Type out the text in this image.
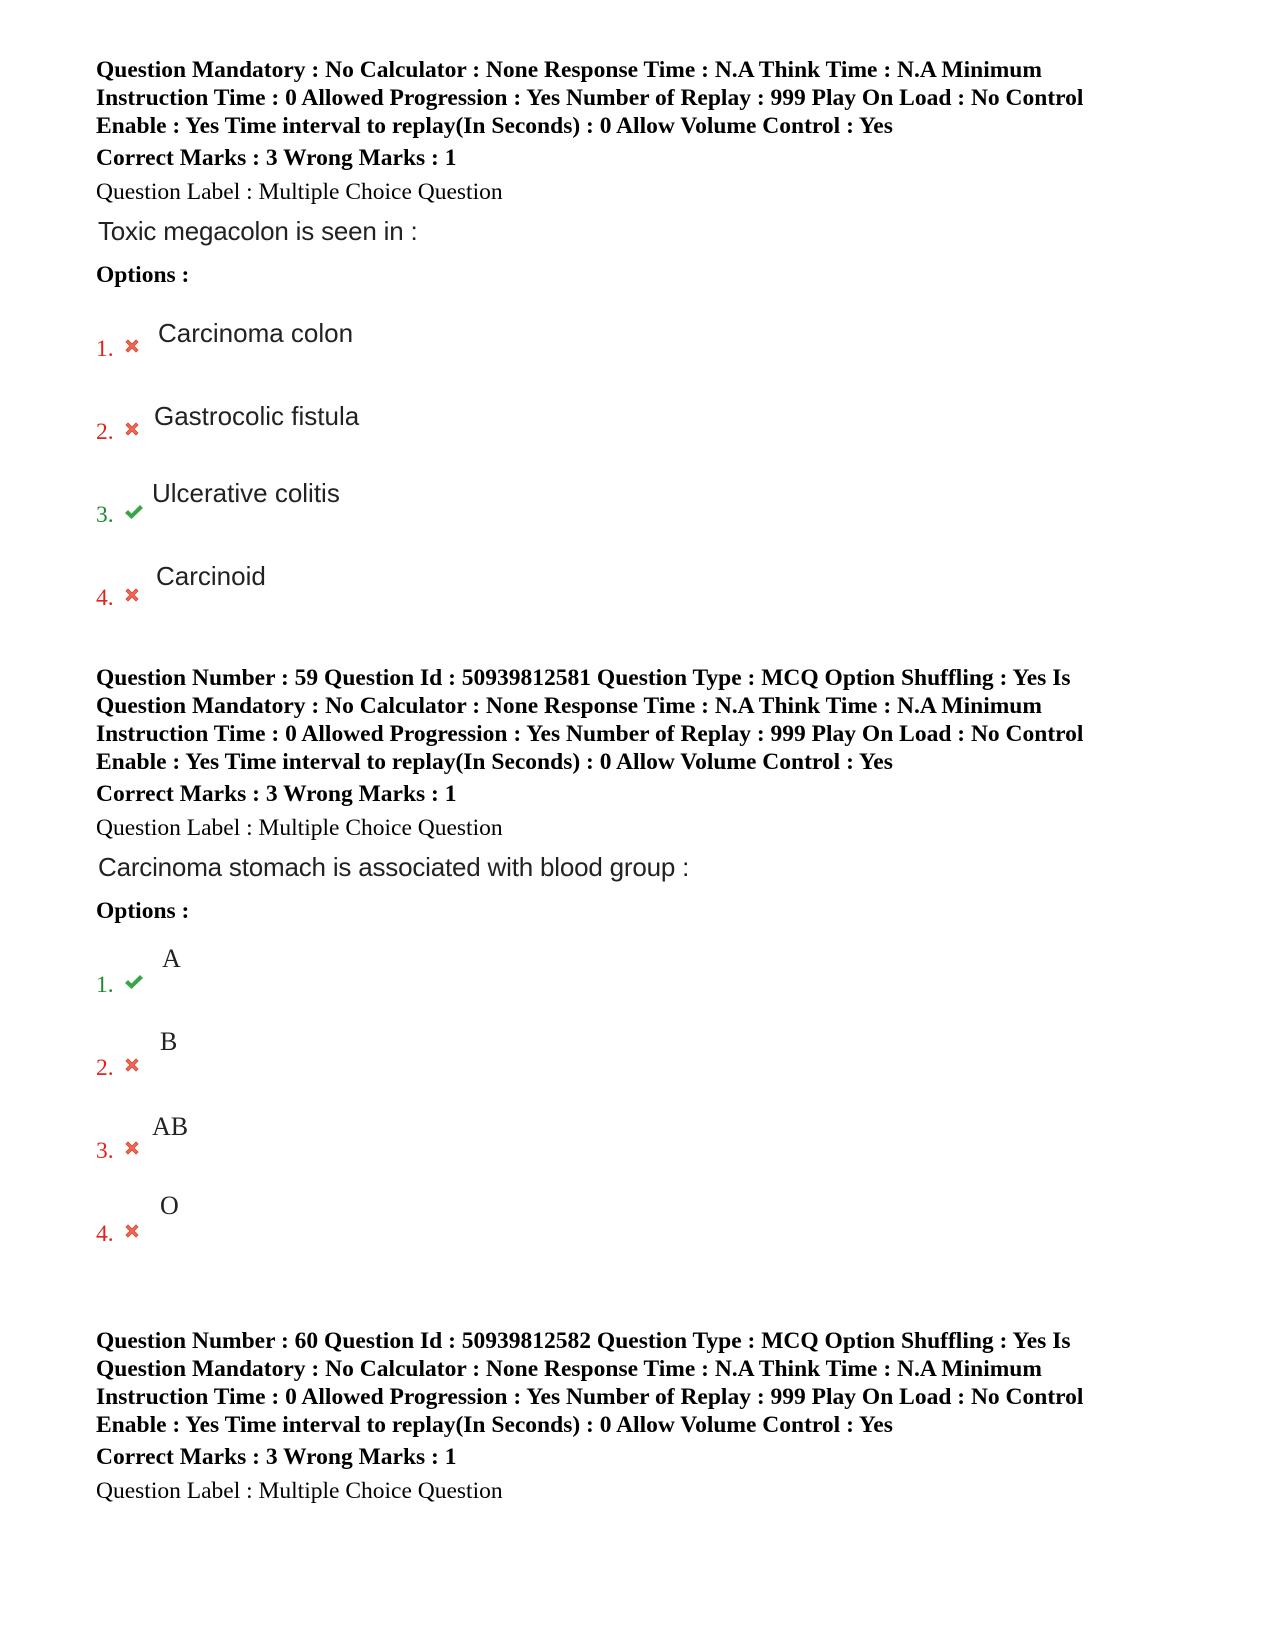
Question Mandatory : No Calculator : None Response Time : N.A Think Time : N.A Minimum

Instruction Time : 0 Allowed Progression : Yes Number of Replay : 999 Play On Load : No Control

Enable : Yes Time interval to replay(In Seconds) : 0 Allow Volume Control : Yes

Correct Marks : 3 Wrong Marks : 1

Question Label : Multiple Choice Question

Toxic megacolon is seen in :

Options :

1.
Carcinoma colon
2.
Gastrocolic fistula
3.
Ulcerative colitis
4.
Carcinoid

Question Number : 59 Question Id : 50939812581 Question Type : MCQ Option Shuffling : Yes Is

Question Mandatory : No Calculator : None Response Time : N.A Think Time : N.A Minimum

Instruction Time : 0 Allowed Progression : Yes Number of Replay : 999 Play On Load : No Control

Enable : Yes Time interval to replay(In Seconds) : 0 Allow Volume Control : Yes

Correct Marks : 3 Wrong Marks : 1

Question Label : Multiple Choice Question

Carcinoma stomach is associated with blood group :

Options :

1.
A
2.
B
3.
AB
4.
O

Question Number : 60 Question Id : 50939812582 Question Type : MCQ Option Shuffling : Yes Is

Question Mandatory : No Calculator : None Response Time : N.A Think Time : N.A Minimum

Instruction Time : 0 Allowed Progression : Yes Number of Replay : 999 Play On Load : No Control

Enable : Yes Time interval to replay(In Seconds) : 0 Allow Volume Control : Yes

Correct Marks : 3 Wrong Marks : 1

Question Label : Multiple Choice Question
